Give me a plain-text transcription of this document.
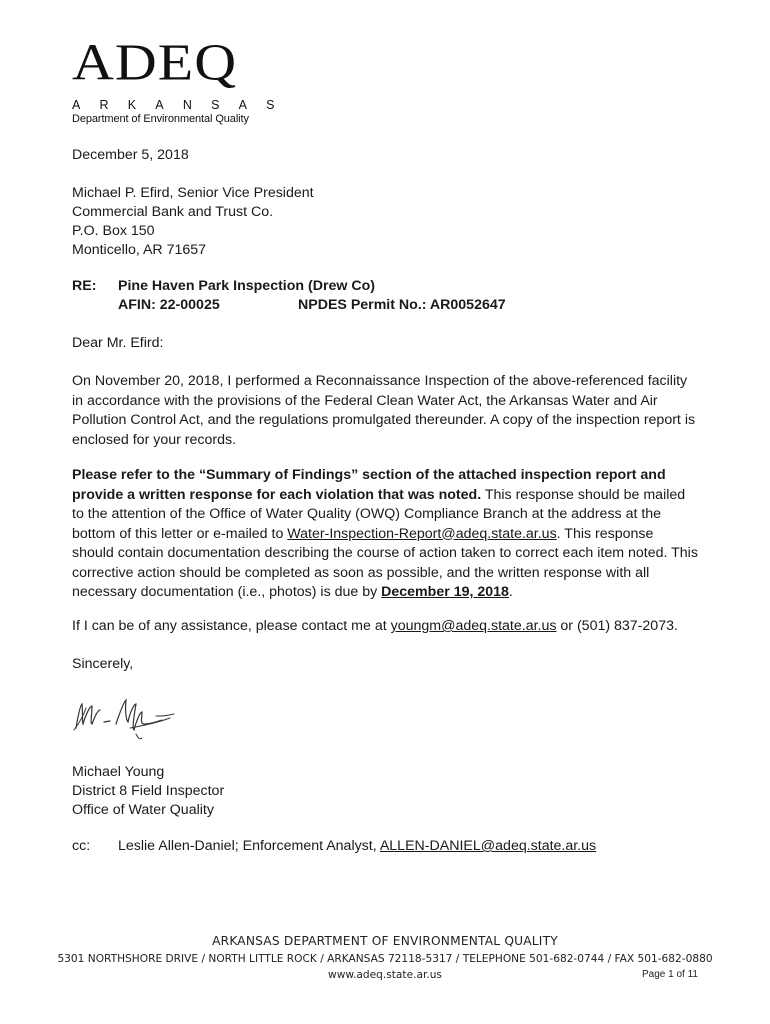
ADEQ
ARKANSAS
Department of Environmental Quality
December 5, 2018
Michael P. Efird, Senior Vice President
Commercial Bank and Trust Co.
P.O. Box 150
Monticello, AR 71657
RE: Pine Haven Park Inspection (Drew Co)
AFIN: 22-00025	NPDES Permit No.: AR0052647
Dear Mr. Efird:
On November 20, 2018, I performed a Reconnaissance Inspection of the above-referenced facility in accordance with the provisions of the Federal Clean Water Act, the Arkansas Water and Air Pollution Control Act, and the regulations promulgated thereunder. A copy of the inspection report is enclosed for your records.
Please refer to the “Summary of Findings” section of the attached inspection report and provide a written response for each violation that was noted. This response should be mailed to the attention of the Office of Water Quality (OWQ) Compliance Branch at the address at the bottom of this letter or e-mailed to Water-Inspection-Report@adeq.state.ar.us. This response should contain documentation describing the course of action taken to correct each item noted. This corrective action should be completed as soon as possible, and the written response with all necessary documentation (i.e., photos) is due by December 19, 2018.
If I can be of any assistance, please contact me at youngm@adeq.state.ar.us or (501) 837-2073.
Sincerely,
Michael Young
District 8 Field Inspector
Office of Water Quality
cc: Leslie Allen-Daniel; Enforcement Analyst, ALLEN-DANIEL@adeq.state.ar.us
ARKANSAS DEPARTMENT OF ENVIRONMENTAL QUALITY
5301 NORTHSHORE DRIVE / NORTH LITTLE ROCK / ARKANSAS 72118-5317 / TELEPHONE 501-682-0744 / FAX 501-682-0880
www.adeq.state.ar.us	Page 1 of 11
